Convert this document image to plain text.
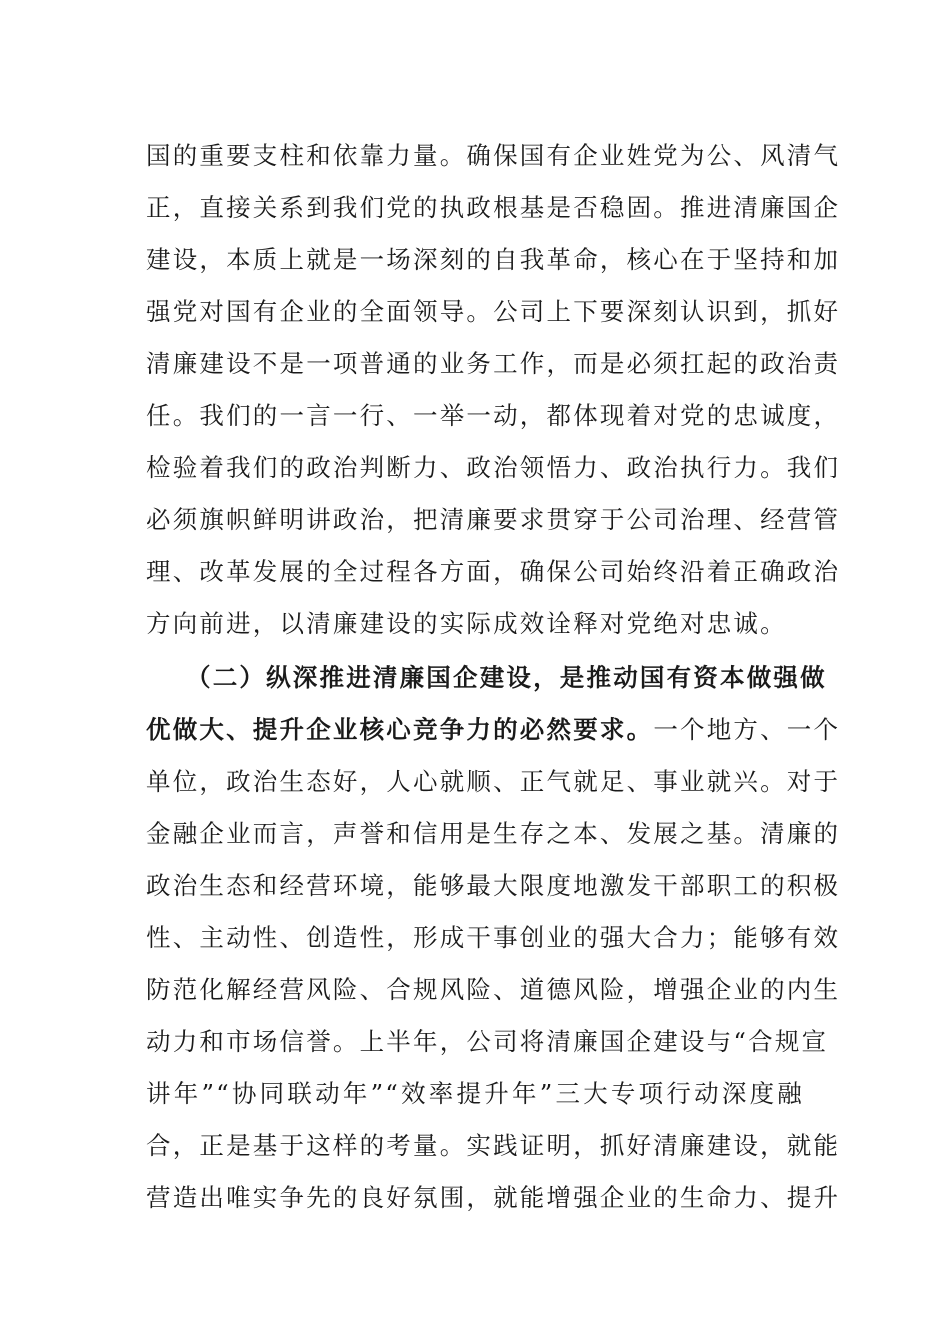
国的重要支柱和依靠力量。确保国有企业姓党为公、风清气
正，直接关系到我们党的执政根基是否稳固。推进清廉国企
建设，本质上就是一场深刻的自我革命，核心在于坚持和加
强党对国有企业的全面领导。公司上下要深刻认识到，抓好
清廉建设不是一项普通的业务工作，而是必须扛起的政治责
任。我们的一言一行、一举一动，都体现着对党的忠诚度，
检验着我们的政治判断力、政治领悟力、政治执行力。我们
必须旗帜鲜明讲政治，把清廉要求贯穿于公司治理、经营管
理、改革发展的全过程各方面，确保公司始终沿着正确政治
方向前进，以清廉建设的实际成效诠释对党绝对忠诚。
（二）纵深推进清廉国企建设，是推动国有资本做强做
优做大、提升企业核心竞争力的必然要求。一个地方、一个
单位，政治生态好，人心就顺、正气就足、事业就兴。对于
金融企业而言，声誉和信用是生存之本、发展之基。清廉的
政治生态和经营环境，能够最大限度地激发干部职工的积极
性、主动性、创造性，形成干事创业的强大合力；能够有效
防范化解经营风险、合规风险、道德风险，增强企业的内生
动力和市场信誉。上半年，公司将清廉国企建设与“合规宣
讲年”“协同联动年”“效率提升年”三大专项行动深度融
合，正是基于这样的考量。实践证明，抓好清廉建设，就能
营造出唯实争先的良好氛围，就能增强企业的生命力、提升
